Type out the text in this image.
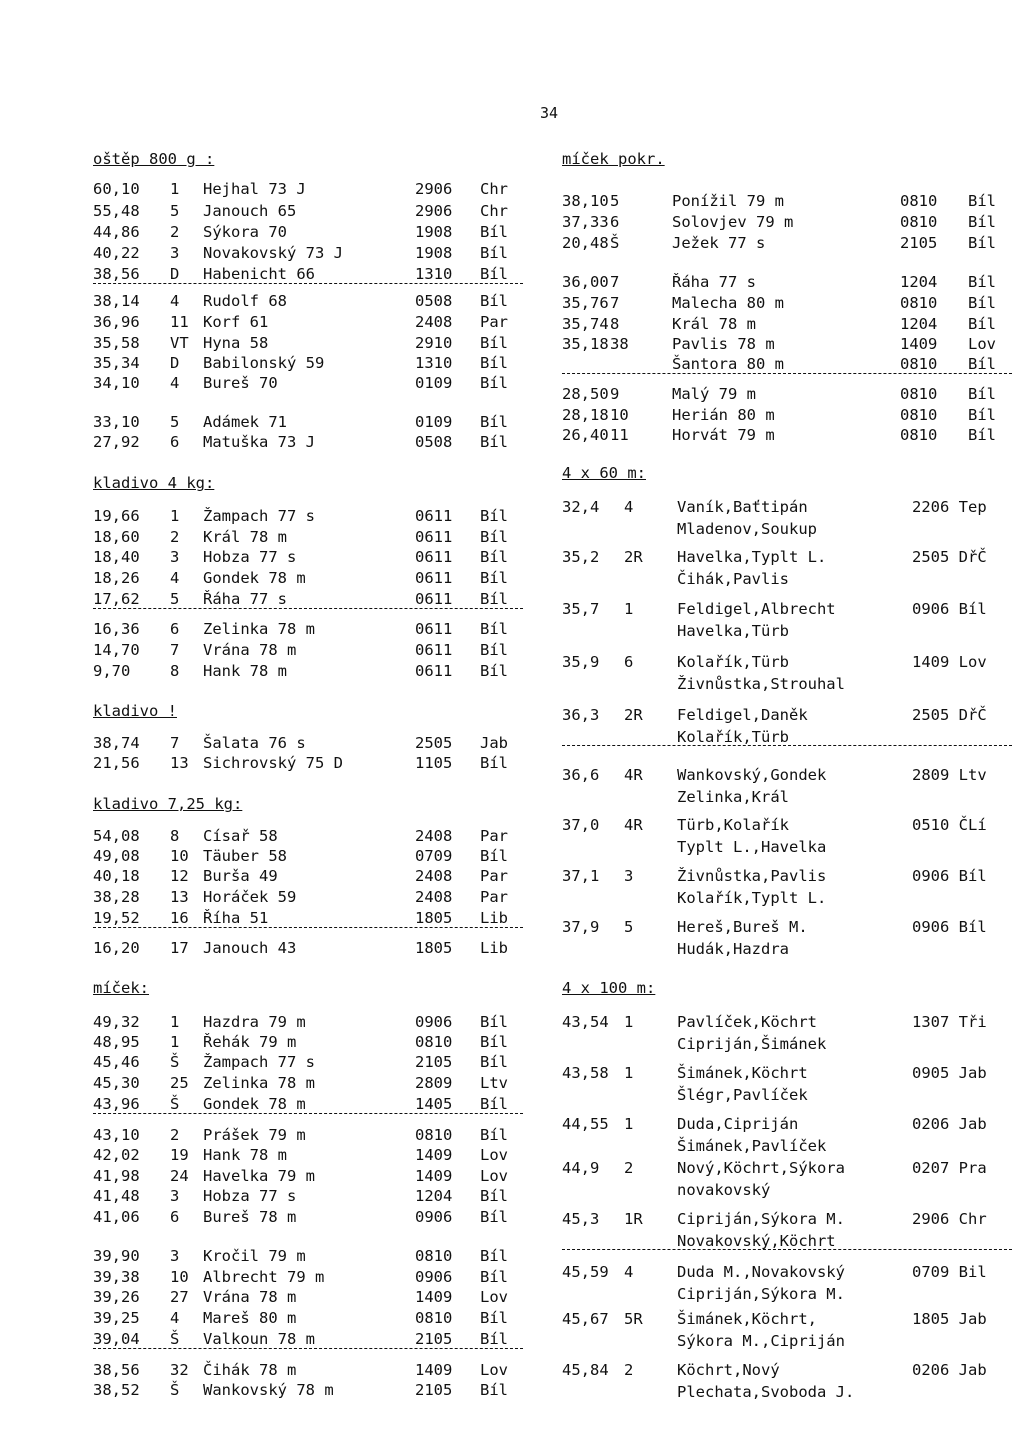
34
oštěp 800 g :
60,10 1 Hejhal 73 J	2906 Chr
55,48 5 Janouch 65	2906 Chr
44,86 2 Sýkora 70	1908 Bíl
40,22 3 Novakovský 73 J	1908 Bíl
38,56 D Habenicht 66	1310 Bíl
38,14 4 Rudolf 68	0508 Bíl
36,96 11 Korf 61	2408 Par
35,58 VT Hyna 58	2910 Bíl
35,34 D Babilonský 59	1310 Bíl
34,10 4 Bureš 70	0109 Bíl
33,10 5 Adámek 71	0109 Bíl
27,92 6 Matuška 73 J	0508 Bíl
kladivo 4 kg:
19,66 1 Žampach 77 s	0611 Bíl
18,60 2 Král 78 m	0611 Bíl
18,40 3 Hobza 77 s	0611 Bíl
18,26 4 Gondek 78 m	0611 Bíl
17,62 5 Řáha 77 s	0611 Bíl
16,36 6 Zelinka 78 m	0611 Bíl
14,70 7 Vrána 78 m	0611 Bíl
9,70	8 Hank 78 m	0611 Bíl
kladivo !
38,74 7 Šalata 76 s	2505 Jab
21,56 13 Sichrovský 75 D	1105 Bíl
kladivo 7,25 kg:
54,08 8 Císař 58	2408 Par
49,08 10 Täuber 58	0709 Bíl
40,18 12 Burša 49	2408 Par
38,28 13 Horáček 59	2408 Par
19,52 16 Říha 51	1805 Lib
16,20 17 Janouch 43	1805 Lib
míček:
49,32 1 Hazdra 79 m	0906 Bíl
48,95 1 Řehák 79 m	0810 Bíl
45,46 Š Žampach 77 s	2105 Bíl
45,30 25 Zelinka 78 m	2809 Ltv
43,96 Š Gondek 78 m	1405 Bíl
43,10 2 Prášek 79 m	0810 Bíl
42,02 19 Hank 78 m	1409 Lov
41,98 24 Havelka 79 m	1409 Lov
41,48 3 Hobza 77 s	1204 Bíl
41,06 6 Bureš 78 m	0906 Bíl
39,90 3 Kročil 79 m	0810 Bíl
39,38 10 Albrecht 79 m	0906 Bíl
39,26 27 Vrána 78 m	1409 Lov
39,25 4 Mareš 80 m	0810 Bíl
39,04 Š Valkoun 78 m	2105 Bíl
38,56 32 Čihák 78 m	1409 Lov
38,52 Š Wankovský 78 m	2105 Bíl
míček pokr.
38,10 5	Ponížil 79 m	0810 Bíl
37,33 6	Solovjev 79 m	0810 Bíl
20,48 Š	Ježek 77 s	2105 Bíl
36,00 7	Řáha 77 s	1204 Bíl
35,76 7	Malecha 80 m	0810 Bíl
35,74 8	Král 78 m	1204 Bíl
35,18 38	Pavlis 78 m	1409 Lov
Šantora 80 m	0810 Bíl
28,50 9	Malý 79 m	0810 Bíl
28,18 10	Herián 80 m	0810 Bíl
26,40 11	Horvát 79 m	0810 Bíl
4 x 60 m:
32,4 4	Vaník,Baťtipán	2206 Tep
Mladenov,Soukup
35,2 2R Havelka,Typlt L.	2505 DřČ
Čihák,Pavlis
35,7 1	Feldigel,Albrecht	0906 Bíl
Havelka,Türb
35,9 6	Kolařík,Türb	1409 Lov
Živnůstka,Strouhal
36,3 2R Feldigel,Daněk	2505 DřČ
Kolařík,Türb
36,6 4R Wankovský,Gondek	2809 Ltv
Zelinka,Král
37,0 4R Türb,Kolařík	0510 ČLí
Typlt L.,Havelka
37,1 3	Živnůstka,Pavlis	0906 Bíl
Kolařík,Typlt L.
37,9 5	Hereš,Bureš M.	0906 Bíl
Hudák,Hazdra
4 x 100 m:
43,54 1	Pavlíček,Köchrt	1307 Tři
Cipriján,Šimánek
43,58 1	Šimánek,Köchrt	0905 Jab
Šlégr,Pavlíček
44,55 1	Duda,Cipriján	0206 Jab
Šimánek,Pavlíček
44,9 2	Nový,Köchrt,Sýkora	0207 Pra
novakovský
45,3 1R Cipriján,Sýkora M.	2906 Chr
Novakovský,Köchrt
45,59 4	Duda M.,Novakovský	0709 Bil
Cipriján,Sýkora M.
45,67 5R Šimánek,Köchrt,	1805 Jab
Sýkora M.,Cipriján
45,84 2	Köchrt,Nový	0206 Jab
Plechata,Svoboda J.
